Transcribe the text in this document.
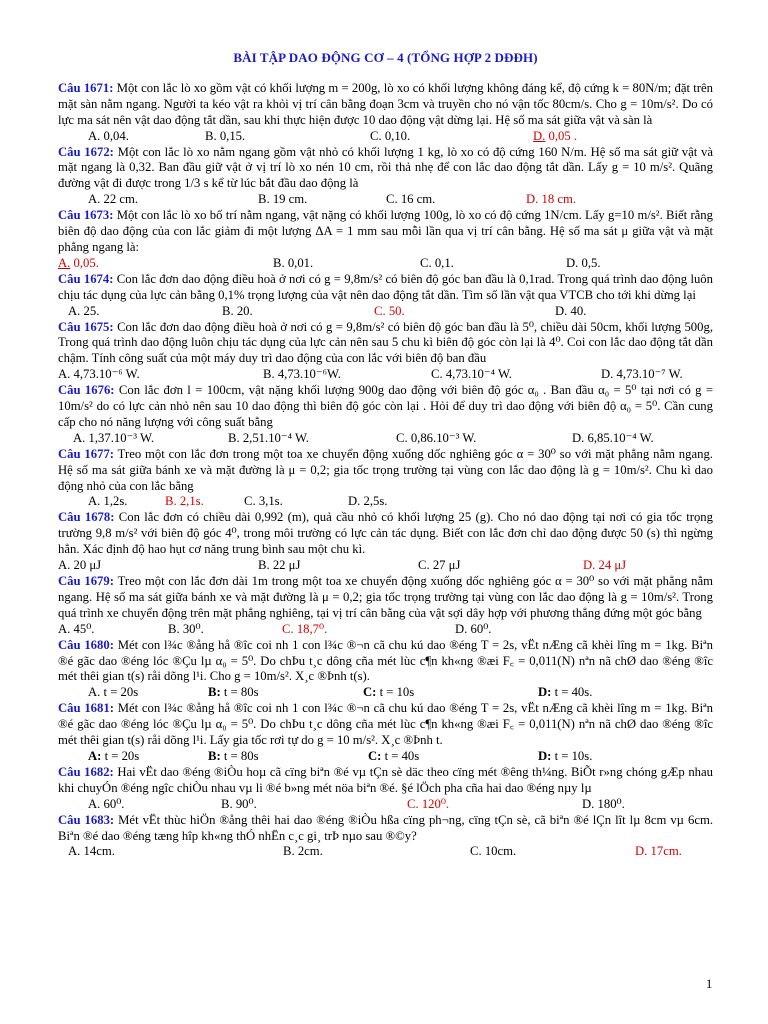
BÀI TẬP DAO ĐỘNG CƠ – 4 (TỔNG HỢP 2 DĐĐH)

Câu 1671: Một con lắc lò xo gồm vật có khối lượng m = 200g, lò xo có khối lượng không đáng kể, độ cứng k = 80N/m; đặt trên mặt sàn nằm ngang. Người ta kéo vật ra khỏi vị trí cân bằng đoạn 3cm và truyền cho nó vận tốc 80cm/s. Cho g = 10m/s². Do có lực ma sát nên vật dao động tắt dần, sau khi thực hiện được 10 dao động vật dừng lại. Hệ số ma sát giữa vật và sàn là

A. 0,04.	B. 0,15.	C. 0,10.	D. 0,05 .

Câu 1672: Một con lắc lò xo nằm ngang gồm vật nhỏ có khối lượng 1 kg, lò xo có độ cứng 160 N/m. Hệ số ma sát giữ vật và mặt ngang là 0,32. Ban đầu giữ vật ở vị trí lò xo nén 10 cm, rồi thả nhẹ để con lắc dao động tắt dần. Lấy g = 10 m/s². Quãng đường vật đi được trong 1/3 s kể từ lúc bắt đầu dao động là

A. 22 cm.	B. 19 cm.	C. 16 cm.	D. 18 cm.

Câu 1673: Một con lắc lò xo bố trí nằm ngang, vật nặng có khối lượng 100g, lò xo có độ cứng 1N/cm. Lấy g=10 m/s². Biết rằng biên độ dao động của con lắc giảm đi một lượng ΔA = 1 mm sau mỗi lần qua vị trí cân bằng. Hệ số ma sát μ giữa vật và mặt phẳng ngang là:

A. 0,05.	B. 0,01.	C. 0,1.	D. 0,5.

Câu 1674: Con lắc đơn dao động điều hoà ở nơi có g = 9,8m/s² có biên độ góc ban đầu là 0,1rad. Trong quá trình dao động luôn chịu tác dụng của lực cản bằng 0,1% trọng lượng của vật nên dao động tắt dần. Tìm số lần vật qua VTCB cho tới khi dừng lại

A. 25.	B. 20.	C. 50.	D. 40.

Câu 1675: Con lắc đơn dao động điều hoà ở nơi có g = 9,8m/s² có biên độ góc ban đầu là 5⁰, chiều dài 50cm, khối lượng 500g, Trong quá trình dao động luôn chịu tác dụng của lực cản nên sau 5 chu kì biên độ góc còn lại là 4⁰. Coi con lắc dao động tắt dần chậm. Tính công suất của một máy duy trì dao động của con lắc với biên độ ban đầu

A. 4,73.10⁻⁶ W.	B. 4,73.10⁻⁶W.	C. 4,73.10⁻⁴ W.	D. 4,73.10⁻⁷ W.

Câu 1676: Con lắc đơn l = 100cm, vật nặng khối lượng 900g dao động với biên độ góc α₀ . Ban đầu α₀ = 5⁰ tại nơi có g = 10m/s² do có lực cản nhỏ nên sau 10 dao động thì biên độ góc còn lại . Hỏi để duy trì dao động với biên độ α₀ = 5⁰. Cần cung cấp cho nó năng lượng với công suất bằng

A. 1,37.10⁻³ W.	B. 2,51.10⁻⁴ W.	C. 0,86.10⁻³ W.	D. 6,85.10⁻⁴ W.

Câu 1677: Treo một con lắc đơn trong một toa xe chuyển động xuống dốc nghiêng góc α = 30⁰ so với mặt phẳng nằm ngang. Hệ số ma sát giữa bánh xe và mặt đường là μ = 0,2; gia tốc trọng trường tại vùng con lắc dao động là g = 10m/s². Chu kì dao động nhỏ của con lắc bằng

A. 1,2s.	B. 2,1s.	C. 3,1s.	D. 2,5s.

Câu 1678: Con lắc đơn có chiều dài 0,992 (m), quả cầu nhỏ có khối lượng 25 (g). Cho nó dao động tại nơi có gia tốc trọng trường 9,8 m/s² với biên độ góc 4⁰, trong môi trường có lực cản tác dụng. Biết con lắc đơn chỉ dao động được 50 (s) thì ngừng hẳn. Xác định độ hao hụt cơ năng trung bình sau một chu kì.

A. 20 μJ	B. 22 μJ	C. 27 μJ	D. 24 μJ

Câu 1679: Treo một con lắc đơn dài 1m trong một toa xe chuyển động xuống dốc nghiêng góc α = 30⁰ so với mặt phẳng nằm ngang. Hệ số ma sát giữa bánh xe và mặt đường là μ = 0,2; gia tốc trọng trường tại vùng con lắc dao động là g = 10m/s². Trong quá trình xe chuyển động trên mặt phẳng nghiêng, tại vị trí cân bằng của vật sợi dây hợp với phương thẳng đứng một góc bằng

A. 45⁰.	B. 30⁰.	C. 18,7⁰.	D. 60⁰.

Câu 1680: Mét con l¾c ®ång hå ®îc coi nh 1 con l¾c ®¬n cã chu kú dao ®éng T = 2s, vËt nÆng cã khèi lîng m = 1kg. Biªn ®é gãc dao ®éng lóc ®Çu lµ α₀ = 5⁰. Do chÞu t¸c dông cña mét lùc c¶n kh«ng ®æi F꜀ = 0,011(N) nªn nã chØ dao ®éng ®îc mét thêi gian t(s) råi dõng l¹i. Cho g = 10m/s². X¸c ®Þnh t(s).

A. t = 20s	B: t = 80s	C: t = 10s	D: t = 40s.

Câu 1681: Mét con l¾c ®ång hå ®îc coi nh 1 con l¾c ®¬n cã chu kú dao ®éng T = 2s, vËt nÆng cã khèi lîng m = 1kg. Biªn ®é gãc dao ®éng lóc ®Çu lµ α₀ = 5⁰. Do chÞu t¸c dông cña mét lùc c¶n kh«ng ®æi F꜀ = 0,011(N) nªn nã chØ dao ®éng ®îc mét thêi gian t(s) råi dõng l¹i. Lấy gia tốc rơi tự do g = 10 m/s². X¸c ®Þnh t.

A: t = 20s	B: t = 80s	C: t = 40s	D: t = 10s.

Câu 1682: Hai vËt dao ®éng ®iÒu hoµ cã cïng biªn ®é vµ tÇn sè däc theo cïng mét ®êng th¼ng. BiÕt r»ng chóng gÆp nhau khi chuyÓn ®éng ngîc chiÒu nhau vµ li ®é b»ng mét nöa biªn ®é. §é lÖch pha cña hai dao ®éng nµy lµ

A. 60⁰.	B. 90⁰.	C. 120⁰.	D. 180⁰.

Câu 1683: Mét vËt thùc hiÖn ®ång thêi hai dao ®éng ®iÒu hßa cïng ph¬ng, cïng tÇn sè, cã biªn ®é lÇn lît lµ 8cm vµ 6cm. Biªn ®é dao ®éng tæng hîp kh«ng thÓ nhËn c¸c gi¸ trÞ nµo sau ®©y?

A. 14cm.	B. 2cm.	C. 10cm.	D. 17cm.
1
